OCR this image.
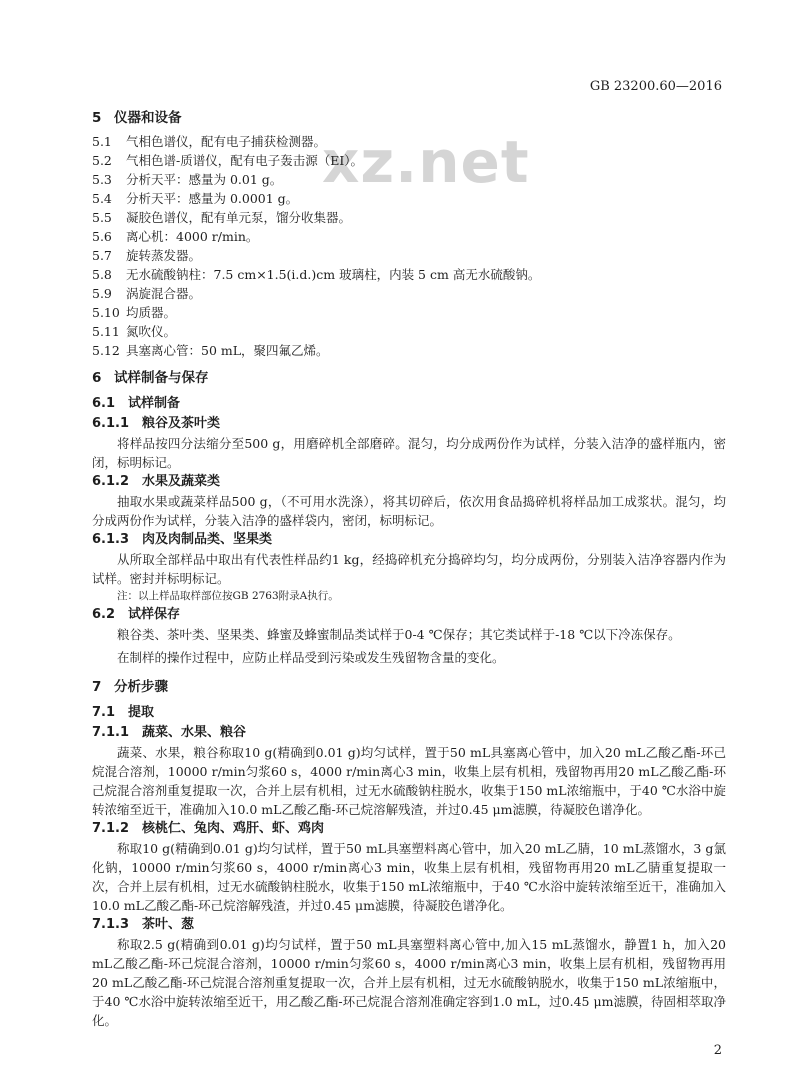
GB 23200.60—2016
xz.net
5 仪器和设备
5.1 气相色谱仪，配有电子捕获检测器。
5.2 气相色谱-质谱仪，配有电子轰击源（EI）。
5.3 分析天平：感量为 0.01 g。
5.4 分析天平：感量为 0.0001 g。
5.5 凝胶色谱仪，配有单元泵，馏分收集器。
5.6 离心机：4000 r/min。
5.7 旋转蒸发器。
5.8 无水硫酸钠柱：7.5 cm×1.5(i.d.)cm 玻璃柱，内装 5 cm 高无水硫酸钠。
5.9 涡旋混合器。
5.10 均质器。
5.11 氮吹仪。
5.12 具塞离心管：50 mL，聚四氟乙烯。
6 试样制备与保存
6.1 试样制备
6.1.1 粮谷及茶叶类
将样品按四分法缩分至500 g，用磨碎机全部磨碎。混匀，均分成两份作为试样，分装入洁净的盛样瓶内，密闭，标明标记。
6.1.2 水果及蔬菜类
抽取水果或蔬菜样品500 g，（不可用水洗涤），将其切碎后，依次用食品捣碎机将样品加工成浆状。混匀，均分成两份作为试样，分装入洁净的盛样袋内，密闭，标明标记。
6.1.3 肉及肉制品类、坚果类
从所取全部样品中取出有代表性样品约1 kg，经捣碎机充分捣碎均匀，均分成两份，分别装入洁净容器内作为试样。密封并标明标记。
注：以上样品取样部位按GB 2763附录A执行。
6.2 试样保存
粮谷类、茶叶类、坚果类、蜂蜜及蜂蜜制品类试样于0-4 ℃保存；其它类试样于-18 ℃以下冷冻保存。
在制样的操作过程中，应防止样品受到污染或发生残留物含量的变化。
7 分析步骤
7.1 提取
7.1.1 蔬菜、水果、粮谷
蔬菜、水果，粮谷称取10 g(精确到0.01 g)均匀试样，置于50 mL具塞离心管中，加入20 mL乙酸乙酯-环己烷混合溶剂，10000 r/min匀浆60 s，4000 r/min离心3 min，收集上层有机相，残留物再用20 mL乙酸乙酯-环己烷混合溶剂重复提取一次，合并上层有机相，过无水硫酸钠柱脱水，收集于150 mL浓缩瓶中，于40 ℃水浴中旋转浓缩至近干，准确加入10.0 mL乙酸乙酯-环己烷溶解残渣，并过0.45 μm滤膜，待凝胶色谱净化。
7.1.2 核桃仁、兔肉、鸡肝、虾、鸡肉
称取10 g(精确到0.01 g)均匀试样，置于50 mL具塞塑料离心管中，加入20 mL乙腈，10 mL蒸馏水，3 g氯化钠，10000 r/min匀浆60 s，4000 r/min离心3 min，收集上层有机相，残留物再用20 mL乙腈重复提取一次，合并上层有机相，过无水硫酸钠柱脱水，收集于150 mL浓缩瓶中，于40 ℃水浴中旋转浓缩至近干，准确加入10.0 mL乙酸乙酯-环己烷溶解残渣，并过0.45 μm滤膜，待凝胶色谱净化。
7.1.3 茶叶、葱
称取2.5 g(精确到0.01 g)均匀试样，置于50 mL具塞塑料离心管中,加入15 mL蒸馏水，静置1 h，加入20 mL乙酸乙酯-环己烷混合溶剂，10000 r/min匀浆60 s，4000 r/min离心3 min，收集上层有机相，残留物再用20 mL乙酸乙酯-环己烷混合溶剂重复提取一次，合并上层有机相，过无水硫酸钠脱水，收集于150 mL浓缩瓶中，于40 ℃水浴中旋转浓缩至近干，用乙酸乙酯-环己烷混合溶剂准确定容到1.0 mL，过0.45 μm滤膜，待固相萃取净化。
2
